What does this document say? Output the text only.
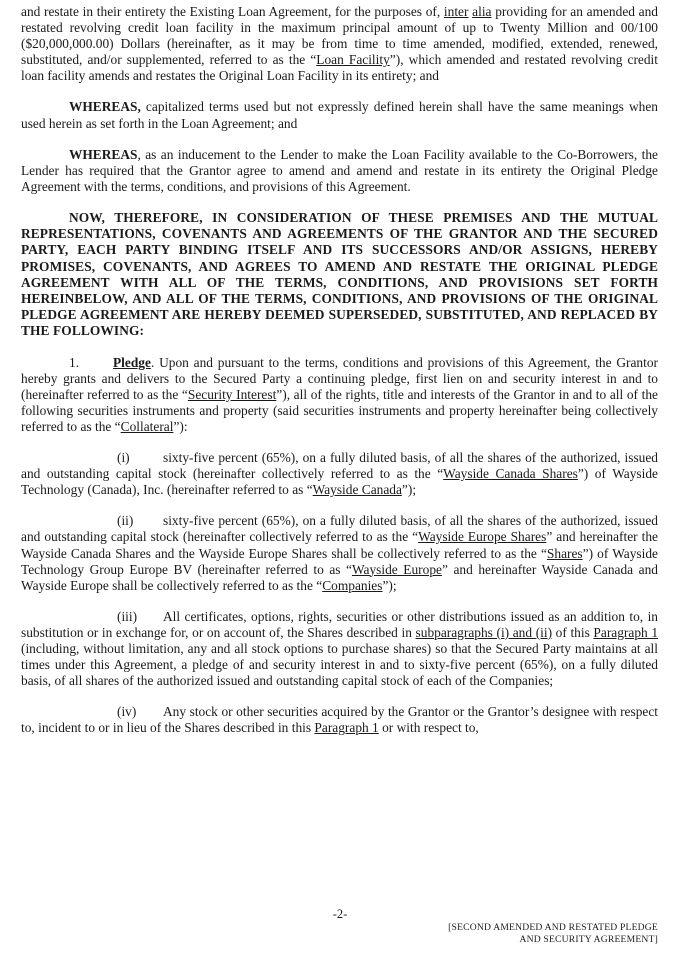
and restate in their entirety the Existing Loan Agreement, for the purposes of, inter alia providing for an amended and restated revolving credit loan facility in the maximum principal amount of up to Twenty Million and 00/100 ($20,000,000.00) Dollars (hereinafter, as it may be from time to time amended, modified, extended, renewed, substituted, and/or supplemented, referred to as the “Loan Facility”), which amended and restated revolving credit loan facility amends and restates the Original Loan Facility in its entirety; and

WHEREAS, capitalized terms used but not expressly defined herein shall have the same meanings when used herein as set forth in the Loan Agreement; and

WHEREAS, as an inducement to the Lender to make the Loan Facility available to the Co-Borrowers, the Lender has required that the Grantor agree to amend and amend and restate in its entirety the Original Pledge Agreement with the terms, conditions, and provisions of this Agreement.

NOW, THEREFORE, IN CONSIDERATION OF THESE PREMISES AND THE MUTUAL REPRESENTATIONS, COVENANTS AND AGREEMENTS OF THE GRANTOR AND THE SECURED PARTY, EACH PARTY BINDING ITSELF AND ITS SUCCESSORS AND/OR ASSIGNS, HEREBY PROMISES, COVENANTS, AND AGREES TO AMEND AND RESTATE THE ORIGINAL PLEDGE AGREEMENT WITH ALL OF THE TERMS, CONDITIONS, AND PROVISIONS SET FORTH HEREINBELOW, AND ALL OF THE TERMS, CONDITIONS, AND PROVISIONS OF THE ORIGINAL PLEDGE AGREEMENT ARE HEREBY DEEMED SUPERSEDED, SUBSTITUTED, AND REPLACED BY THE FOLLOWING:

1.	Pledge. Upon and pursuant to the terms, conditions and provisions of this Agreement, the Grantor hereby grants and delivers to the Secured Party a continuing pledge, first lien on and security interest in and to (hereinafter referred to as the “Security Interest”), all of the rights, title and interests of the Grantor in and to all of the following securities instruments and property (said securities instruments and property hereinafter being collectively referred to as the “Collateral”):

(i) sixty-five percent (65%), on a fully diluted basis, of all the shares of the authorized, issued and outstanding capital stock (hereinafter collectively referred to as the “Wayside Canada Shares”) of Wayside Technology (Canada), Inc. (hereinafter referred to as “Wayside Canada”);

(ii) sixty-five percent (65%), on a fully diluted basis, of all the shares of the authorized, issued and outstanding capital stock (hereinafter collectively referred to as the “Wayside Europe Shares” and hereinafter the Wayside Canada Shares and the Wayside Europe Shares shall be collectively referred to as the “Shares”) of Wayside Technology Group Europe BV (hereinafter referred to as “Wayside Europe” and hereinafter Wayside Canada and Wayside Europe shall be collectively referred to as the “Companies”);

(iii) All certificates, options, rights, securities or other distributions issued as an addition to, in substitution or in exchange for, or on account of, the Shares described in subparagraphs (i) and (ii) of this Paragraph 1 (including, without limitation, any and all stock options to purchase shares) so that the Secured Party maintains at all times under this Agreement, a pledge of and security interest in and to sixty-five percent (65%), on a fully diluted basis, of all shares of the authorized issued and outstanding capital stock of each of the Companies;

(iv) Any stock or other securities acquired by the Grantor or the Grantor’s designee with respect to, incident to or in lieu of the Shares described in this Paragraph 1 or with respect to,

-2-
[SECOND AMENDED AND RESTATED PLEDGE
AND SECURITY AGREEMENT]
